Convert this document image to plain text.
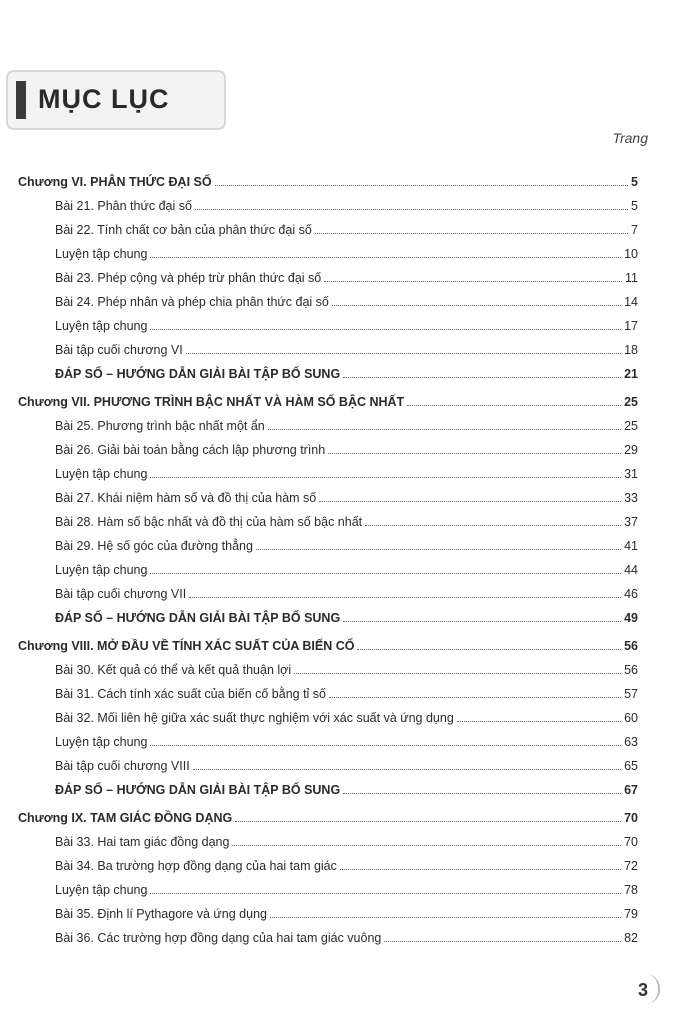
MỤC LỤC
Trang
Chương VI. PHÂN THỨC ĐẠI SỐ	5
Bài 21. Phân thức đại số	5
Bài 22. Tính chất cơ bản của phân thức đại số	7
Luyện tập chung	10
Bài 23. Phép cộng và phép trừ phân thức đại số	11
Bài 24. Phép nhân và phép chia phân thức đại số	14
Luyện tập chung	17
Bài tập cuối chương VI	18
ĐÁP SỐ – HƯỚNG DẪN GIẢI BÀI TẬP BỔ SUNG	21
Chương VII. PHƯƠNG TRÌNH BẬC NHẤT VÀ HÀM SỐ BẬC NHẤT	25
Bài 25. Phương trình bậc nhất một ẩn	25
Bài 26. Giải bài toán bằng cách lập phương trình	29
Luyện tập chung	31
Bài 27. Khái niệm hàm số và đồ thị của hàm số	33
Bài 28. Hàm số bậc nhất và đồ thị của hàm số bậc nhất	37
Bài 29. Hệ số góc của đường thẳng	41
Luyện tập chung	44
Bài tập cuối chương VII	46
ĐÁP SỐ – HƯỚNG DẪN GIẢI BÀI TẬP BỔ SUNG	49
Chương VIII. MỞ ĐẦU VỀ TÍNH XÁC SUẤT CỦA BIẾN CỐ	56
Bài 30. Kết quả có thể và kết quả thuận lợi	56
Bài 31. Cách tính xác suất của biến cố bằng tỉ số	57
Bài 32. Mối liên hệ giữa xác suất thực nghiệm với xác suất và ứng dụng	60
Luyện tập chung	63
Bài tập cuối chương VIII	65
ĐÁP SỐ – HƯỚNG DẪN GIẢI BÀI TẬP BỔ SUNG	67
Chương IX. TAM GIÁC ĐỒNG DẠNG	70
Bài 33. Hai tam giác đồng dạng	70
Bài 34. Ba trường hợp đồng dạng của hai tam giác	72
Luyện tập chung	78
Bài 35. Định lí Pythagore và ứng dụng	79
Bài 36. Các trường hợp đồng dạng của hai tam giác vuông	82
3
